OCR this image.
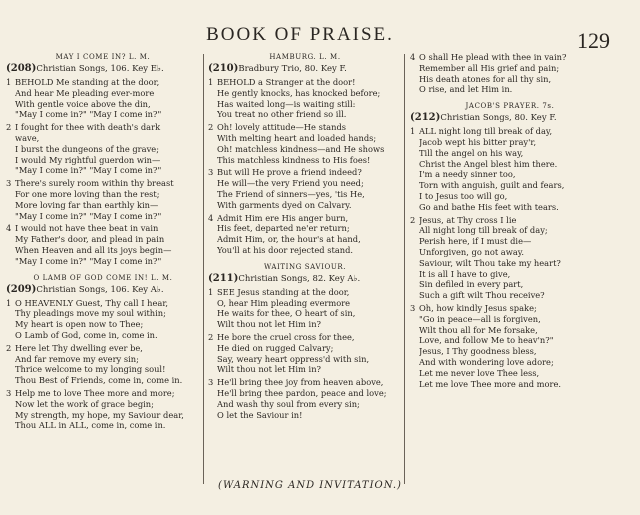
BOOK OF PRAISE.	129
MAY I COME IN? L. M.
(208)Christian Songs, 106. Key E♭.
1 BEHOLD Me standing at the door,
And hear Me pleading ever-more
With gentle voice above the din,
"May I come in?" "May I come in?"
2 I fought for thee with death's dark
wave,
I burst the dungeons of the grave;
I would My rightful guerdon win—
"May I come in?" "May I come in?"
3 There's surely room within thy breast
For one more loving than the rest;
More loving far than earthly kin—
"May I come in?" "May I come in?"
4 I would not have thee beat in vain
My Father's door, and plead in pain
When Heaven and all its joys begin—
"May I come in?" "May I come in?"
O LAMB OF GOD COME IN! L. M.
(209)Christian Songs, 106. Key A♭.
1 O HEAVENLY Guest, Thy call I hear,
Thy pleadings move my soul within;
My heart is open now to Thee;
O Lamb of God, come in, come in.
2 Here let Thy dwelling ever be,
And far remove my every sin;
Thrice welcome to my longing soul!
Thou Best of Friends, come in, come in.
3 Help me to love Thee more and more;
Now let the work of grace begin;
My strength, my hope, my Saviour dear,
Thou ALL in ALL, come in, come in.
HAMBURG. L. M.
(210)Bradbury Trio, 80. Key F.
1 BEHOLD a Stranger at the door!
He gently knocks, has knocked before;
Has waited long—is waiting still:
You treat no other friend so ill.
2 Oh! lovely attitude—He stands
With melting heart and loaded hands;
Oh! matchless kindness—and He shows
This matchless kindness to His foes!
3 But will He prove a friend indeed?
He will—the very Friend you need;
The Friend of sinners—yes, 'tis He,
With garments dyed on Calvary.
4 Admit Him ere His anger burn,
His feet, departed ne'er return;
Admit Him, or, the hour's at hand,
You'll at his door rejected stand.
WAITING SAVIOUR.
(211)Christian Songs, 82. Key A♭.
1 SEE Jesus standing at the door,
O, hear Him pleading evermore
He waits for thee, O heart of sin,
Wilt thou not let Him in?
2 He bore the cruel cross for thee,
He died on rugged Calvary;
Say, weary heart oppress'd with sin,
Wilt thou not let Him in?
3 He'll bring thee joy from heaven above,
He'll bring thee pardon, peace and love;
And wash thy soul from every sin;
O let the Saviour in!
4 O shall He plead with thee in vain?
Remember all His grief and pain;
His death atones for all thy sin,
O rise, and let Him in.
JACOB'S PRAYER. 7s.
(212)Christian Songs, 80. Key F.
1 ALL night long till break of day,
Jacob wept his bitter pray'r,
Till the angel on his way,
Christ the Angel blest him there.
I'm a needy sinner too,
Torn with anguish, guilt and fears,
I to Jesus too will go,
Go and bathe His feet with tears.
2 Jesus, at Thy cross I lie
All night long till break of day;
Perish here, if I must die—
Unforgiven, go not away.
Saviour, wilt Thou take my heart?
It is all I have to give,
Sin defiled in every part,
Such a gift wilt Thou receive?
3 Oh, how kindly Jesus spake;
"Go in peace—all is forgiven,
Wilt thou all for Me forsake,
Love, and follow Me to heav'n?"
Jesus, I Thy goodness bless,
And with wondering love adore;
Let me never love Thee less,
Let me love Thee more and more.
(WARNING AND INVITATION.)
